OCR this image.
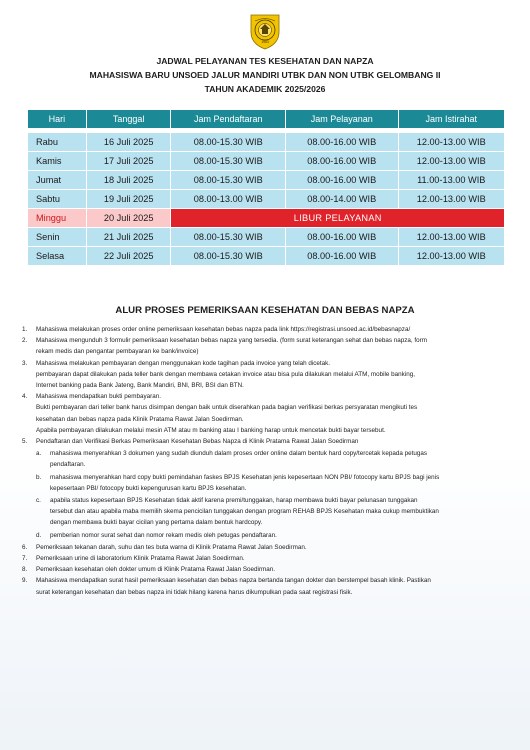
1963
JADWAL PELAYANAN TES KESEHATAN DAN NAPZA
MAHASISWA BARU UNSOED JALUR MANDIRI UTBK DAN NON UTBK GELOMBANG II
TAHUN AKADEMIK 2025/2026
Hari	Tanggal	Jam Pendaftaran	Jam Pelayanan	Jam Istirahat

Rabu	16 Juli 2025	08.00-15.30 WIB	08.00-16.00 WIB	12.00-13.00 WIB
Kamis	17 Juli 2025	08.00-15.30 WIB	08.00-16.00 WIB	12.00-13.00 WIB
Jumat	18 Juli 2025	08.00-15.30 WIB	08.00-16.00 WIB	11.00-13.00 WIB
Sabtu	19 Juli 2025	08.00-13.00 WIB	08.00-14.00 WIB	12.00-13.00 WIB
Minggu	20 Juli 2025	LIBUR PELAYANAN		
Senin	21 Juli 2025	08.00-15.30 WIB	08.00-16.00 WIB	12.00-13.00 WIB
Selasa	22 Juli 2025	08.00-15.30 WIB	08.00-16.00 WIB	12.00-13.00 WIB
ALUR PROSES PEMERIKSAAN KESEHATAN DAN BEBAS NAPZA
1. Mahasiswa melakukan proses order online pemeriksaan kesehatan bebas napza pada link https://registrasi.unsoed.ac.id/bebasnapza/
2. Mahasiswa mengunduh 3 formulir pemeriksaan kesehatan bebas napza yang tersedia. (form surat keterangan sehat dan bebas napza, form
rekam medis dan pengantar pembayaran ke bank/invoice)
3. Mahasiswa melakukan pembayaran dengan menggunakan kode tagihan pada invoice yang telah dicetak.
pembayaran dapat dilakukan pada teller bank dengan membawa cetakan invoice atau bisa pula dilakukan melalui ATM, mobile banking,
Internet banking pada Bank Jateng, Bank Mandiri, BNI, BRI, BSI dan BTN.
4. Mahasiswa mendapatkan bukti pembayaran.
Bukti pembayaran dari teller bank harus disimpan dengan baik untuk diserahkan pada bagian verifikasi berkas persyaratan mengikuti tes
kesehatan dan bebas napza pada Klinik Pratama Rawat Jalan Soedirman.
Apabila pembayaran dilakukan melalui mesin ATM atau m banking atau I banking harap untuk mencetak bukti bayar tersebut.
5. Pendaftaran dan Verifikasi Berkas Pemeriksaan Kesehatan Bebas Napza di Klinik Pratama Rawat Jalan Soedirman
a. mahasiswa menyerahkan 3 dokumen yang sudah diunduh dalam proses order online dalam bentuk hard copy/tercetak kepada petugas
pendaftaran.
b. mahasiswa menyerahkan hard copy bukti pemindahan faskes BPJS Kesehatan jenis kepesertaan NON PBI/ fotocopy kartu BPJS bagi jenis
kepesertaan PBI/ fotocopy bukti kepengurusan kartu BPJS kesehatan.
c. apabila status kepesertaan BPJS Kesehatan tidak aktif karena premi/tunggakan, harap membawa bukti bayar pelunasan tunggakan
tersebut dan atau apabila maba memilih skema pencicilan tunggakan dengan program REHAB BPJS Kesehatan maka cukup membuktikan
dengan membawa bukti bayar cicilan yang pertama dalam bentuk hardcopy.
d. pemberian nomor surat sehat dan nomor rekam medis oleh petugas pendaftaran.
6. Pemeriksaan tekanan darah, suhu dan tes buta warna di Klinik Pratama Rawat Jalan Soedirman.
7. Pemeriksaan urine di laboratorium Klinik Pratama Rawat Jalan Soedirman.
8. Pemeriksaan kesehatan oleh dokter umum di Klinik Pratama Rawat Jalan Soedirman.
9. Mahasiswa mendapatkan surat hasil pemeriksaan kesehatan dan bebas napza bertanda tangan dokter dan berstempel basah klinik. Pastikan
surat keterangan kesehatan dan bebas napza ini tidak hilang karena harus dikumpulkan pada saat registrasi fisik.
